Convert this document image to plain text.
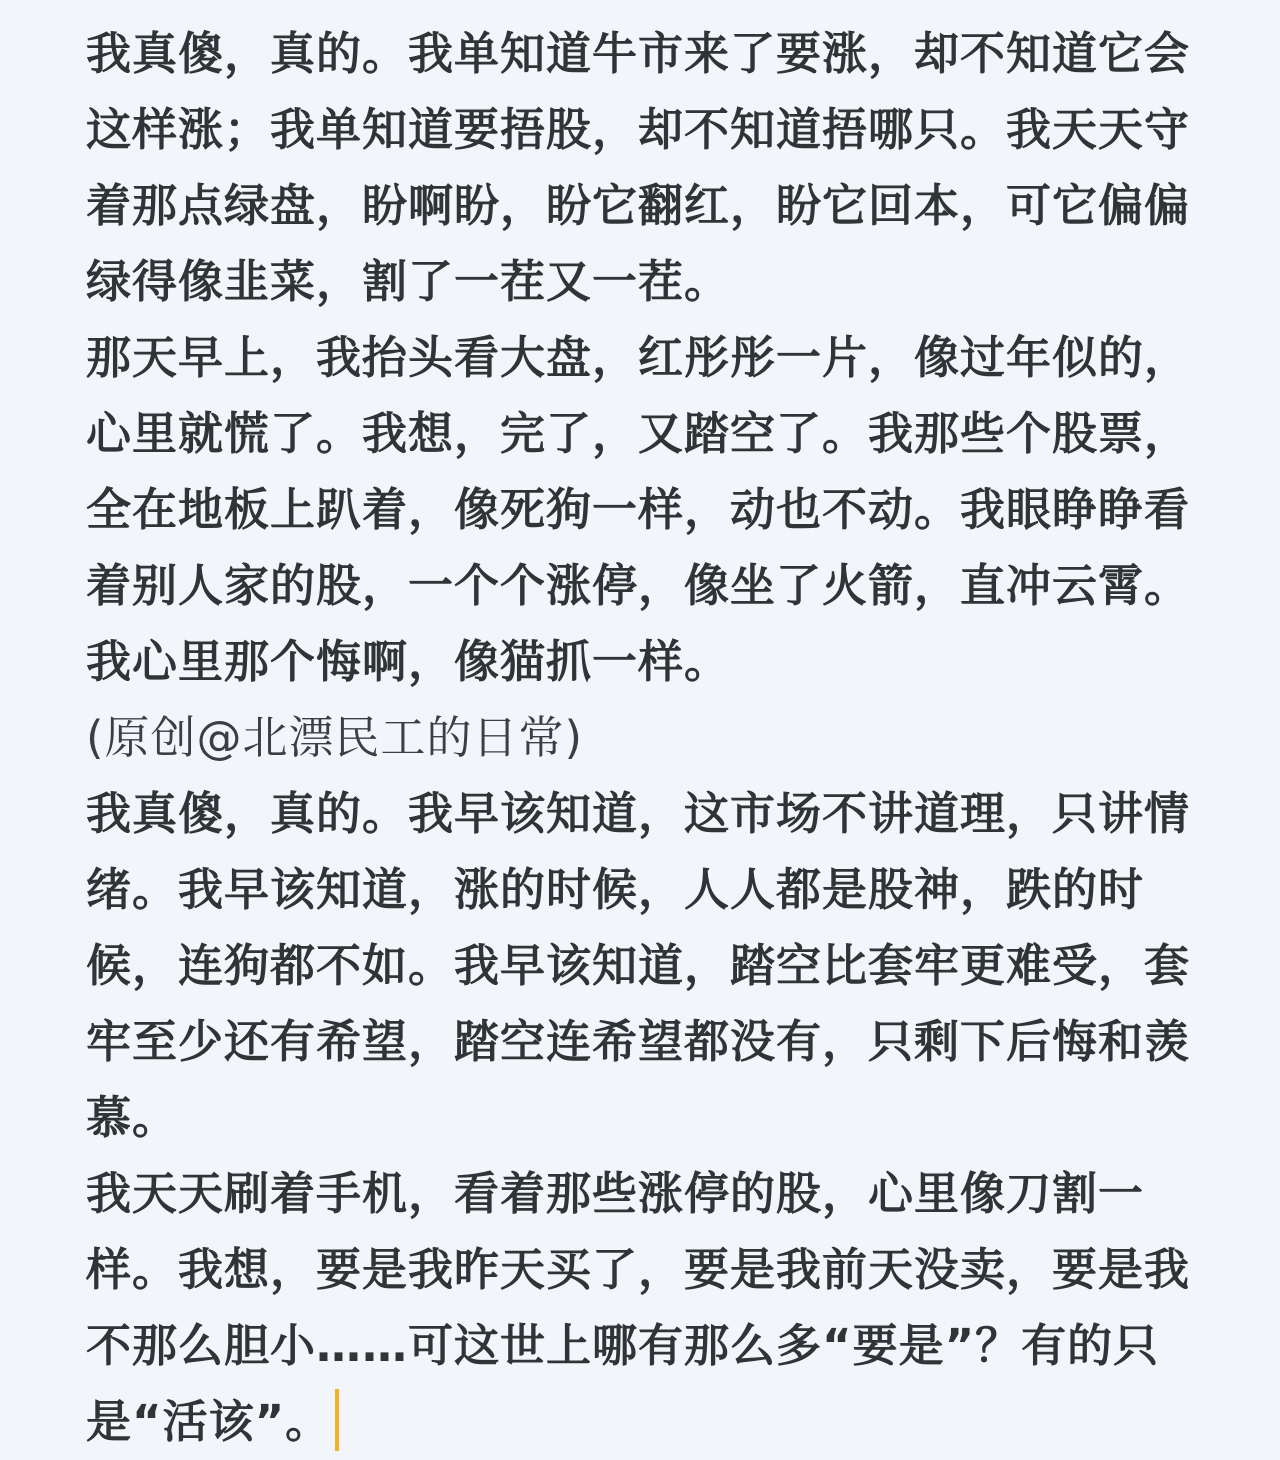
我真傻，真的。我单知道牛市来了要涨，却不知道它会这样涨；我单知道要捂股，却不知道捂哪只。我天天守着那点绿盘，盼啊盼，盼它翻红，盼它回本，可它偏偏绿得像韭菜，割了一茬又一茬。

那天早上，我抬头看大盘，红彤彤一片，像过年似的，心里就慌了。我想，完了，又踏空了。我那些个股票，全在地板上趴着，像死狗一样，动也不动。我眼睁睁看着别人家的股，一个个涨停，像坐了火箭，直冲云霄。我心里那个悔啊，像猫抓一样。

(原创@北漂民工的日常)

我真傻，真的。我早该知道，这市场不讲道理，只讲情绪。我早该知道，涨的时候，人人都是股神，跌的时候，连狗都不如。我早该知道，踏空比套牢更难受，套牢至少还有希望，踏空连希望都没有，只剩下后悔和羡慕。

我天天刷着手机，看着那些涨停的股，心里像刀割一样。我想，要是我昨天买了，要是我前天没卖，要是我不那么胆小……可这世上哪有那么多“要是”？有的只是“活该”。
